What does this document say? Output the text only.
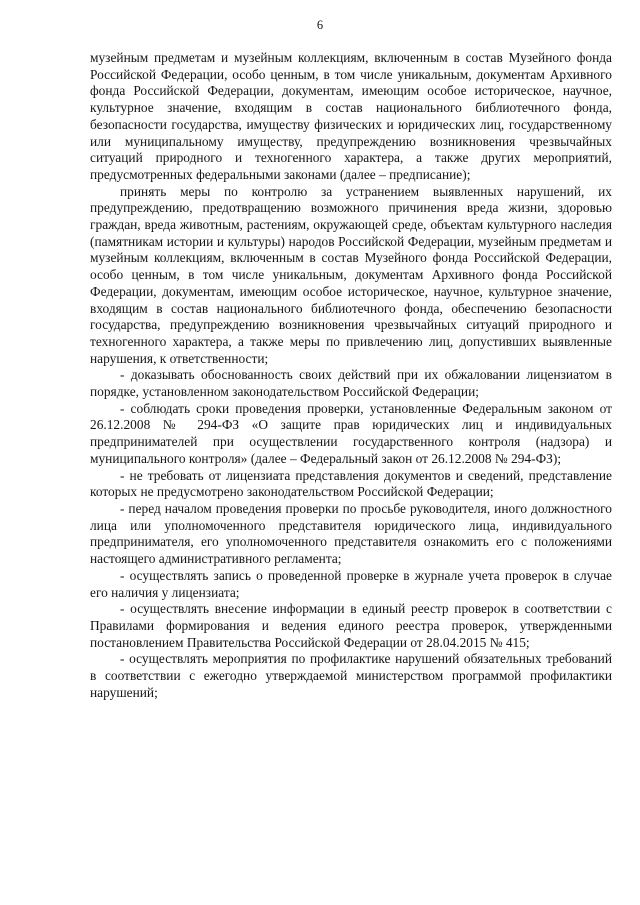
6

музейным предметам и музейным коллекциям, включенным в состав Музейного фонда Российской Федерации, особо ценным, в том числе уникальным, документам Архивного фонда Российской Федерации, документам, имеющим особое историческое, научное, культурное значение, входящим в состав национального библиотечного фонда, безопасности государства, имуществу физических и юридических лиц, государственному или муниципальному имуществу, предупреждению возникновения чрезвычайных ситуаций природного и техногенного характера, а также других мероприятий, предусмотренных федеральными законами (далее – предписание);

принять меры по контролю за устранением выявленных нарушений, их предупреждению, предотвращению возможного причинения вреда жизни, здоровью граждан, вреда животным, растениям, окружающей среде, объектам культурного наследия (памятникам истории и культуры) народов Российской Федерации, музейным предметам и музейным коллекциям, включенным в состав Музейного фонда Российской Федерации, особо ценным, в том числе уникальным, документам Архивного фонда Российской Федерации, документам, имеющим особое историческое, научное, культурное значение, входящим в состав национального библиотечного фонда, обеспечению безопасности государства, предупреждению возникновения чрезвычайных ситуаций природного и техногенного характера, а также меры по привлечению лиц, допустивших выявленные нарушения, к ответственности;

- доказывать обоснованность своих действий при их обжаловании лицензиатом в порядке, установленном законодательством Российской Федерации;

- соблюдать сроки проведения проверки, установленные Федеральным законом от 26.12.2008 № 294-ФЗ «О защите прав юридических лиц и индивидуальных предпринимателей при осуществлении государственного контроля (надзора) и муниципального контроля» (далее – Федеральный закон от 26.12.2008 № 294-ФЗ);

- не требовать от лицензиата представления документов и сведений, представление которых не предусмотрено законодательством Российской Федерации;

- перед началом проведения проверки по просьбе руководителя, иного должностного лица или уполномоченного представителя юридического лица, индивидуального предпринимателя, его уполномоченного представителя ознакомить его с положениями настоящего административного регламента;

- осуществлять запись о проведенной проверке в журнале учета проверок в случае его наличия у лицензиата;

- осуществлять внесение информации в единый реестр проверок в соответствии с Правилами формирования и ведения единого реестра проверок, утвержденными постановлением Правительства Российской Федерации от 28.04.2015 № 415;

- осуществлять мероприятия по профилактике нарушений обязательных требований в соответствии с ежегодно утверждаемой министерством программой профилактики нарушений;
